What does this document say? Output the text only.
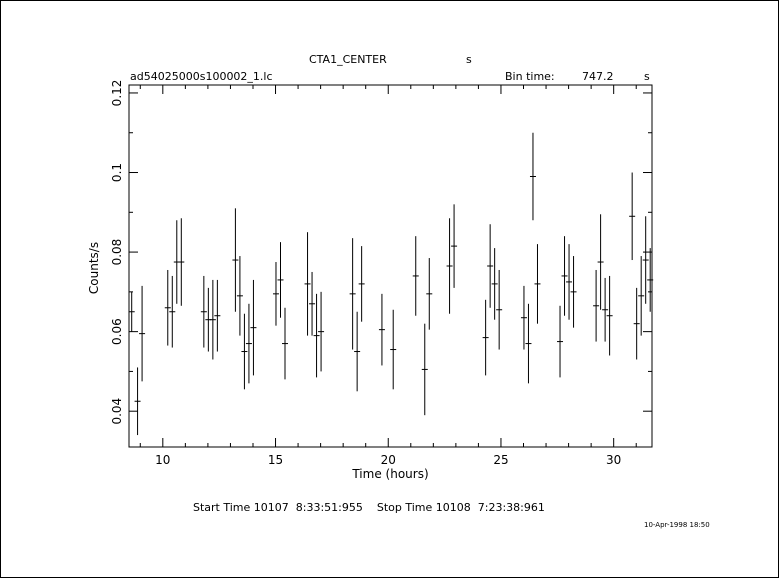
CTA1_CENTER	s
ad54025000s100002_1.lc	Bin time: 747.2	s
10	15	20	25	30
0.04
0.06
0.08
0.1
0.12
Time (hours)
Counts/s
Start Time 10107  8:33:51:955    Stop Time 10108  7:23:38:961
10-Apr-1998 18:50
